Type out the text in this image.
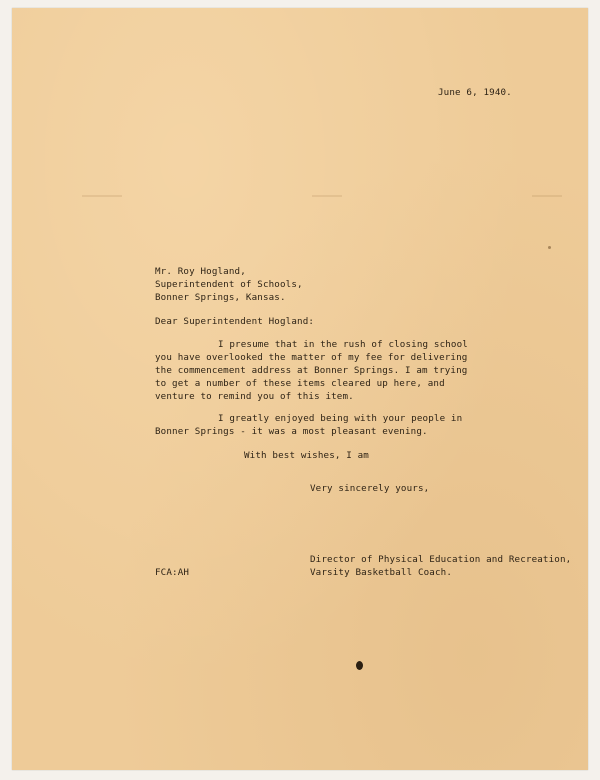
June 6, 1940.

Mr. Roy Hogland,

Superintendent of Schools,

Bonner Springs, Kansas.

Dear Superintendent Hogland:

I presume that in the rush of closing school

you have overlooked the matter of my fee for delivering

the commencement address at Bonner Springs. I am trying

to get a number of these items cleared up here, and

venture to remind you of this item.

I greatly enjoyed being with your people in

Bonner Springs - it was a most pleasant evening.

With best wishes, I am

Very sincerely yours,

FCA:AH

Director of Physical Education and Recreation,

Varsity Basketball Coach.
